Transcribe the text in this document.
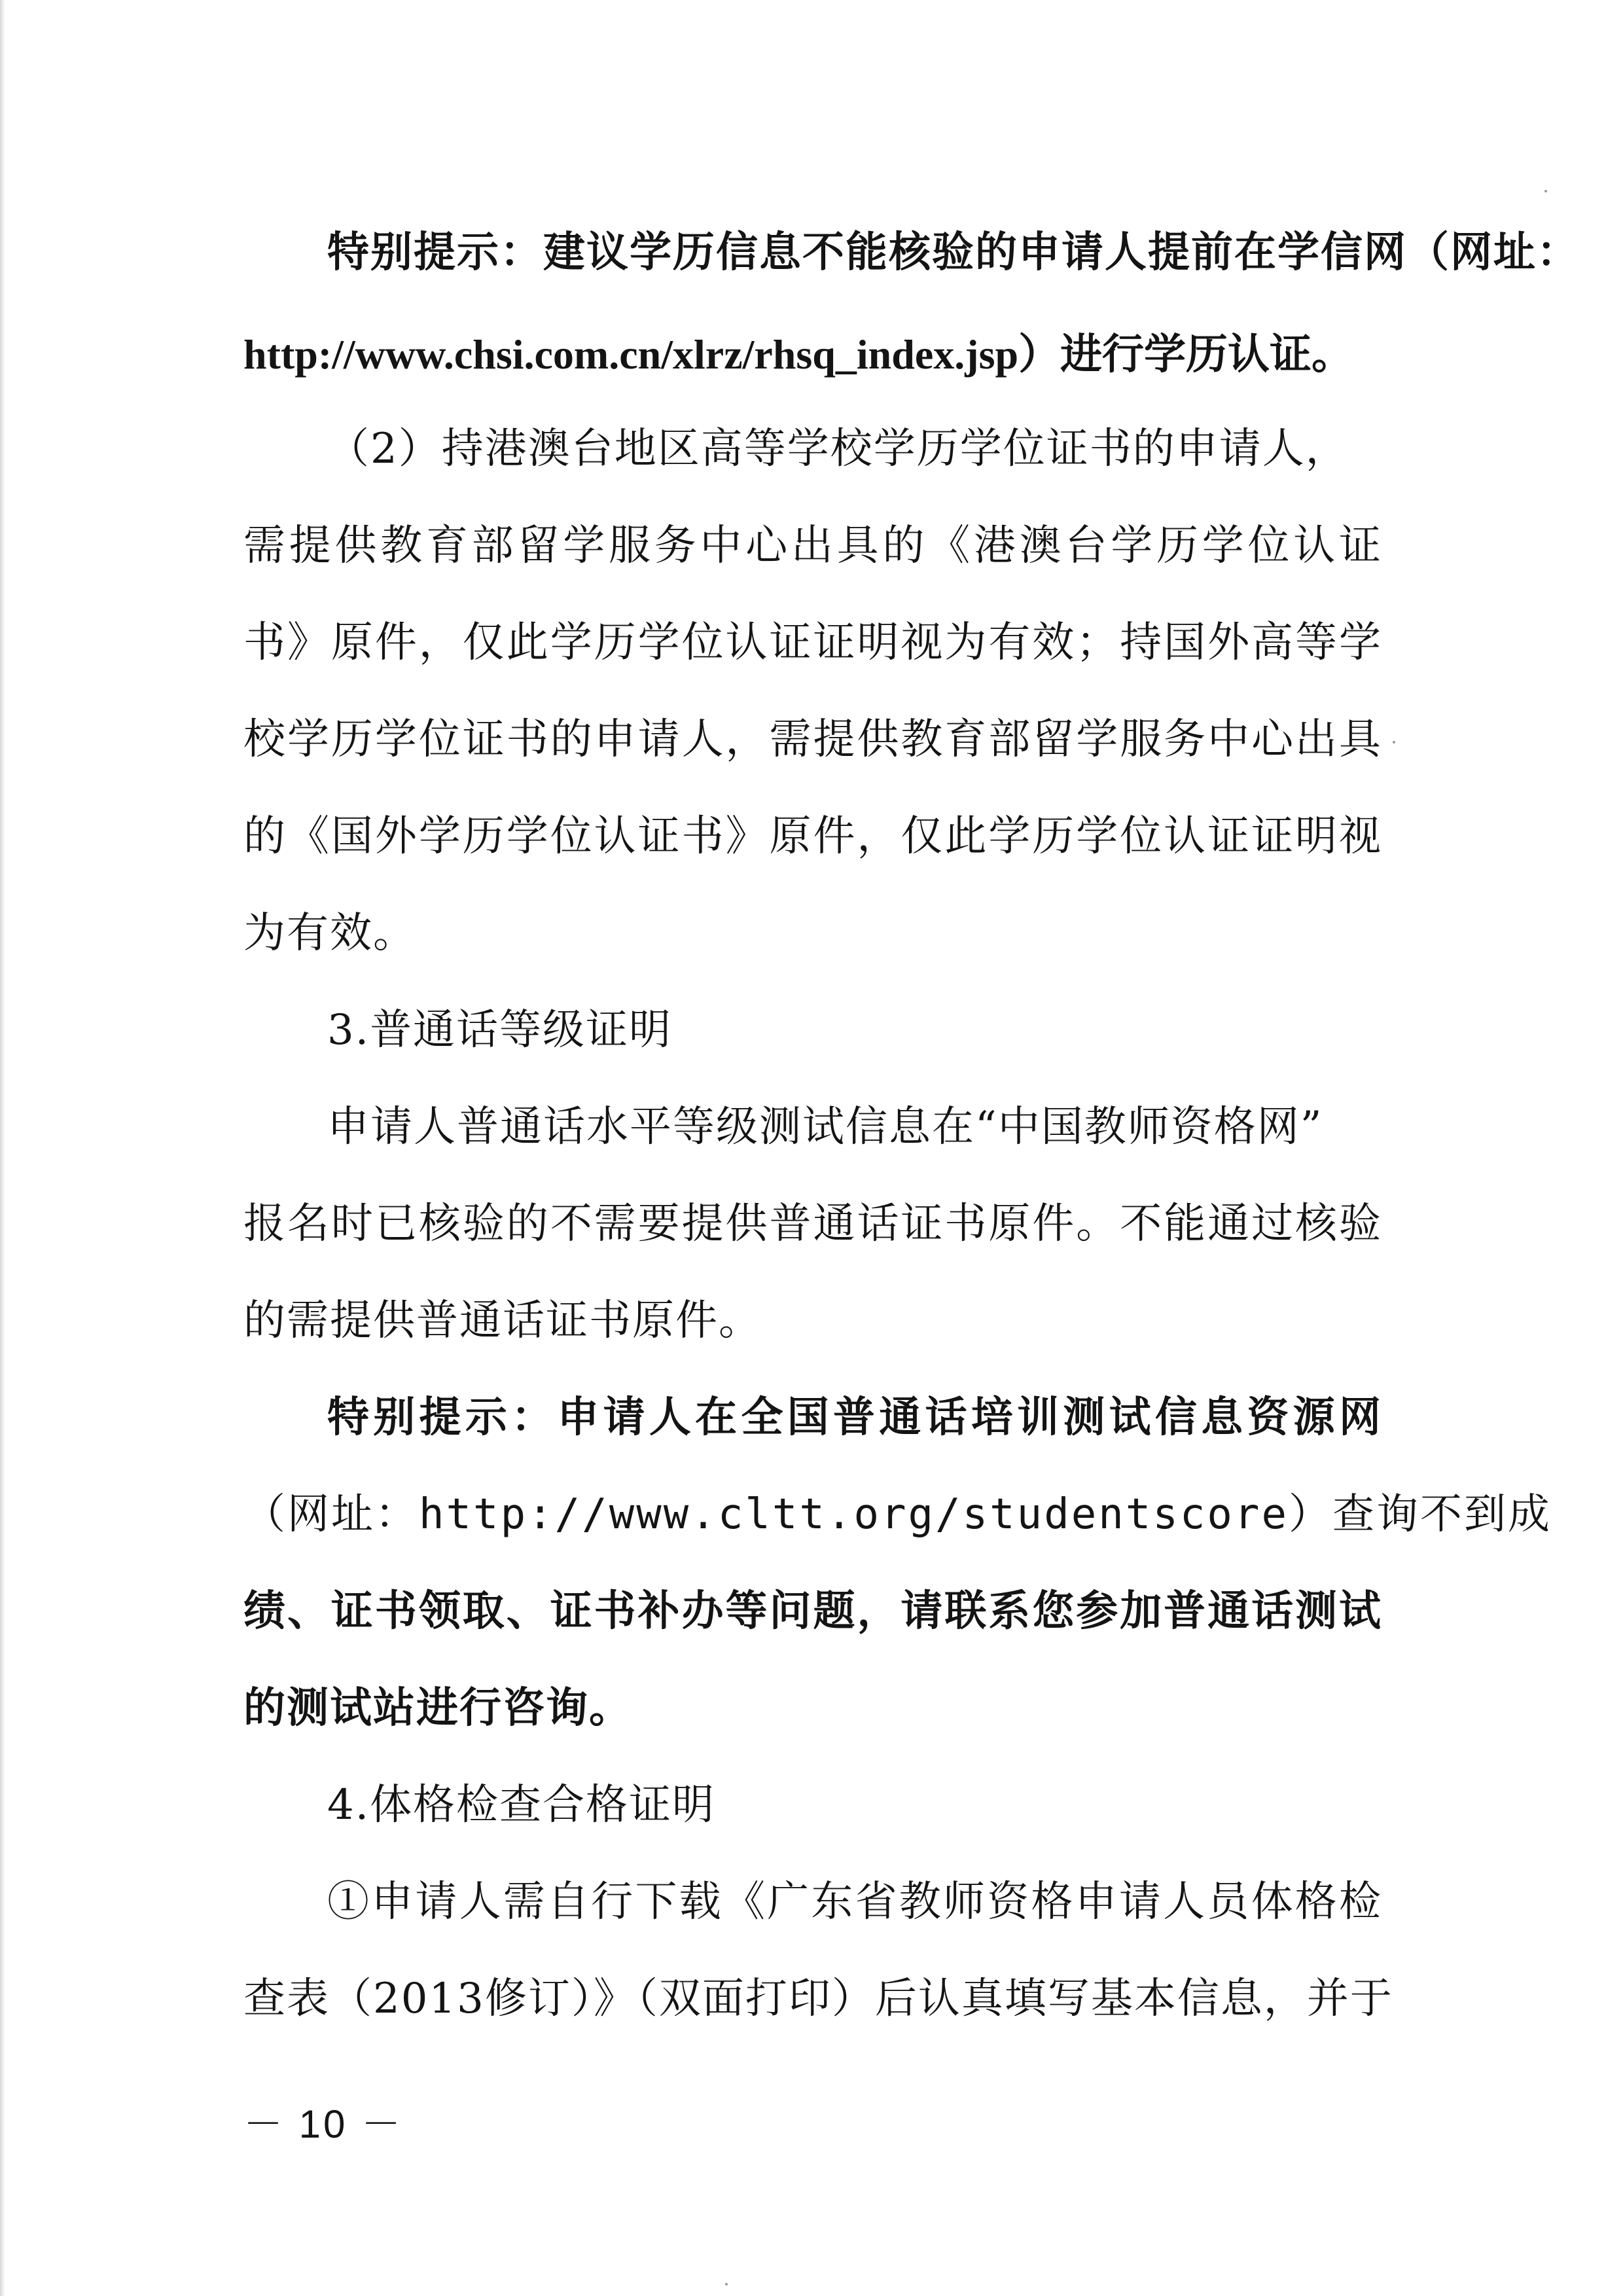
特别提示：建议学历信息不能核验的申请人提前在学信网（网址：
http://www.chsi.com.cn/xlrz/rhsq_index.jsp）进行学历认证。
（2）持港澳台地区高等学校学历学位证书的申请人，
需提供教育部留学服务中心出具的《港澳台学历学位认证
书》原件，仅此学历学位认证证明视为有效；持国外高等学
校学历学位证书的申请人，需提供教育部留学服务中心出具
的《国外学历学位认证书》原件，仅此学历学位认证证明视
为有效。
3.普通话等级证明
申请人普通话水平等级测试信息在“中国教师资格网”
报名时已核验的不需要提供普通话证书原件。不能通过核验
的需提供普通话证书原件。
特别提示：申请人在全国普通话培训测试信息资源网
（网址：http://www.cltt.org/studentscore）查询不到成
绩、证书领取、证书补办等问题，请联系您参加普通话测试
的测试站进行咨询。
4.体格检查合格证明
①申请人需自行下载《广东省教师资格申请人员体格检
查表（2013修订）》（双面打印）后认真填写基本信息，并于
－ 10 －
